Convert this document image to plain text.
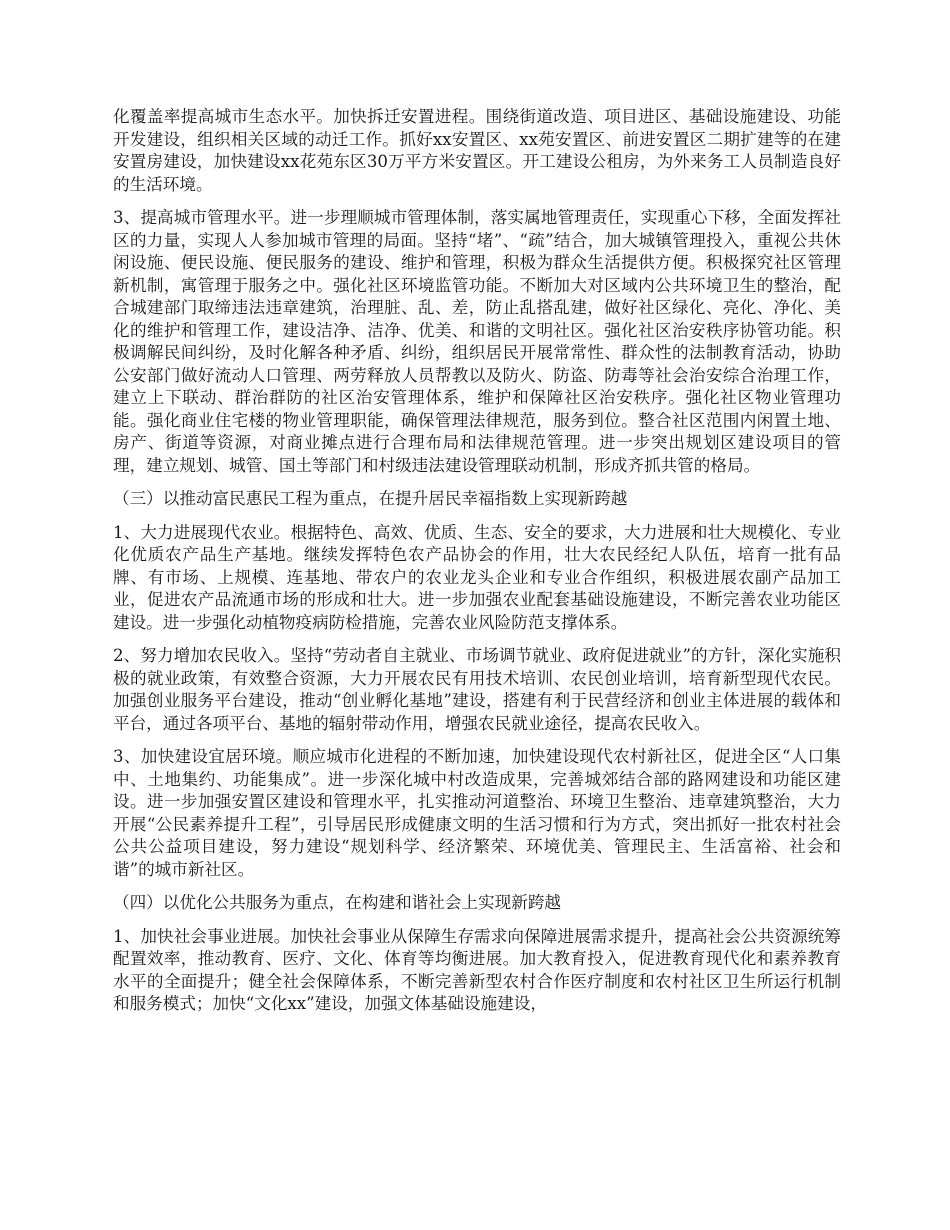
化覆盖率提高城市生态水平。加快拆迁安置进程。围绕街道改造、项目进区、基础设施建设、功能开发建设，组织相关区域的动迁工作。抓好xx安置区、xx苑安置区、前进安置区二期扩建等的在建安置房建设，加快建设xx花苑东区30万平方米安置区。开工建设公租房，为外来务工人员制造良好的生活环境。

3、提高城市管理水平。进一步理顺城市管理体制，落实属地管理责任，实现重心下移，全面发挥社区的力量，实现人人参加城市管理的局面。坚持“堵”、“疏”结合，加大城镇管理投入，重视公共休闲设施、便民设施、便民服务的建设、维护和管理，积极为群众生活提供方便。积极探究社区管理新机制，寓管理于服务之中。强化社区环境监管功能。不断加大对区域内公共环境卫生的整治，配合城建部门取缔违法违章建筑，治理脏、乱、差，防止乱搭乱建，做好社区绿化、亮化、净化、美化的维护和管理工作，建设洁净、洁净、优美、和谐的文明社区。强化社区治安秩序协管功能。积极调解民间纠纷，及时化解各种矛盾、纠纷，组织居民开展常常性、群众性的法制教育活动，协助公安部门做好流动人口管理、两劳释放人员帮教以及防火、防盗、防毒等社会治安综合治理工作，建立上下联动、群治群防的社区治安管理体系，维护和保障社区治安秩序。强化社区物业管理功能。强化商业住宅楼的物业管理职能，确保管理法律规范，服务到位。整合社区范围内闲置土地、房产、街道等资源，对商业摊点进行合理布局和法律规范管理。进一步突出规划区建设项目的管理，建立规划、城管、国土等部门和村级违法建设管理联动机制，形成齐抓共管的格局。

（三）以推动富民惠民工程为重点，在提升居民幸福指数上实现新跨越

1、大力进展现代农业。根据特色、高效、优质、生态、安全的要求，大力进展和壮大规模化、专业化优质农产品生产基地。继续发挥特色农产品协会的作用，壮大农民经纪人队伍，培育一批有品牌、有市场、上规模、连基地、带农户的农业龙头企业和专业合作组织，积极进展农副产品加工业，促进农产品流通市场的形成和壮大。进一步加强农业配套基础设施建设，不断完善农业功能区建设。进一步强化动植物疫病防检措施，完善农业风险防范支撑体系。

2、努力增加农民收入。坚持“劳动者自主就业、市场调节就业、政府促进就业”的方针，深化实施积极的就业政策，有效整合资源，大力开展农民有用技术培训、农民创业培训，培育新型现代农民。加强创业服务平台建设，推动“创业孵化基地”建设，搭建有利于民营经济和创业主体进展的载体和平台，通过各项平台、基地的辐射带动作用，增强农民就业途径，提高农民收入。

3、加快建设宜居环境。顺应城市化进程的不断加速，加快建设现代农村新社区，促进全区“人口集中、土地集约、功能集成”。进一步深化城中村改造成果，完善城郊结合部的路网建设和功能区建设。进一步加强安置区建设和管理水平，扎实推动河道整治、环境卫生整治、违章建筑整治，大力开展“公民素养提升工程”，引导居民形成健康文明的生活习惯和行为方式，突出抓好一批农村社会公共公益项目建设，努力建设“规划科学、经济繁荣、环境优美、管理民主、生活富裕、社会和谐”的城市新社区。

（四）以优化公共服务为重点，在构建和谐社会上实现新跨越

1、加快社会事业进展。加快社会事业从保障生存需求向保障进展需求提升，提高社会公共资源统筹配置效率，推动教育、医疗、文化、体育等均衡进展。加大教育投入，促进教育现代化和素养教育水平的全面提升；健全社会保障体系，不断完善新型农村合作医疗制度和农村社区卫生所运行机制和服务模式；加快“文化xx”建设，加强文体基础设施建设，
